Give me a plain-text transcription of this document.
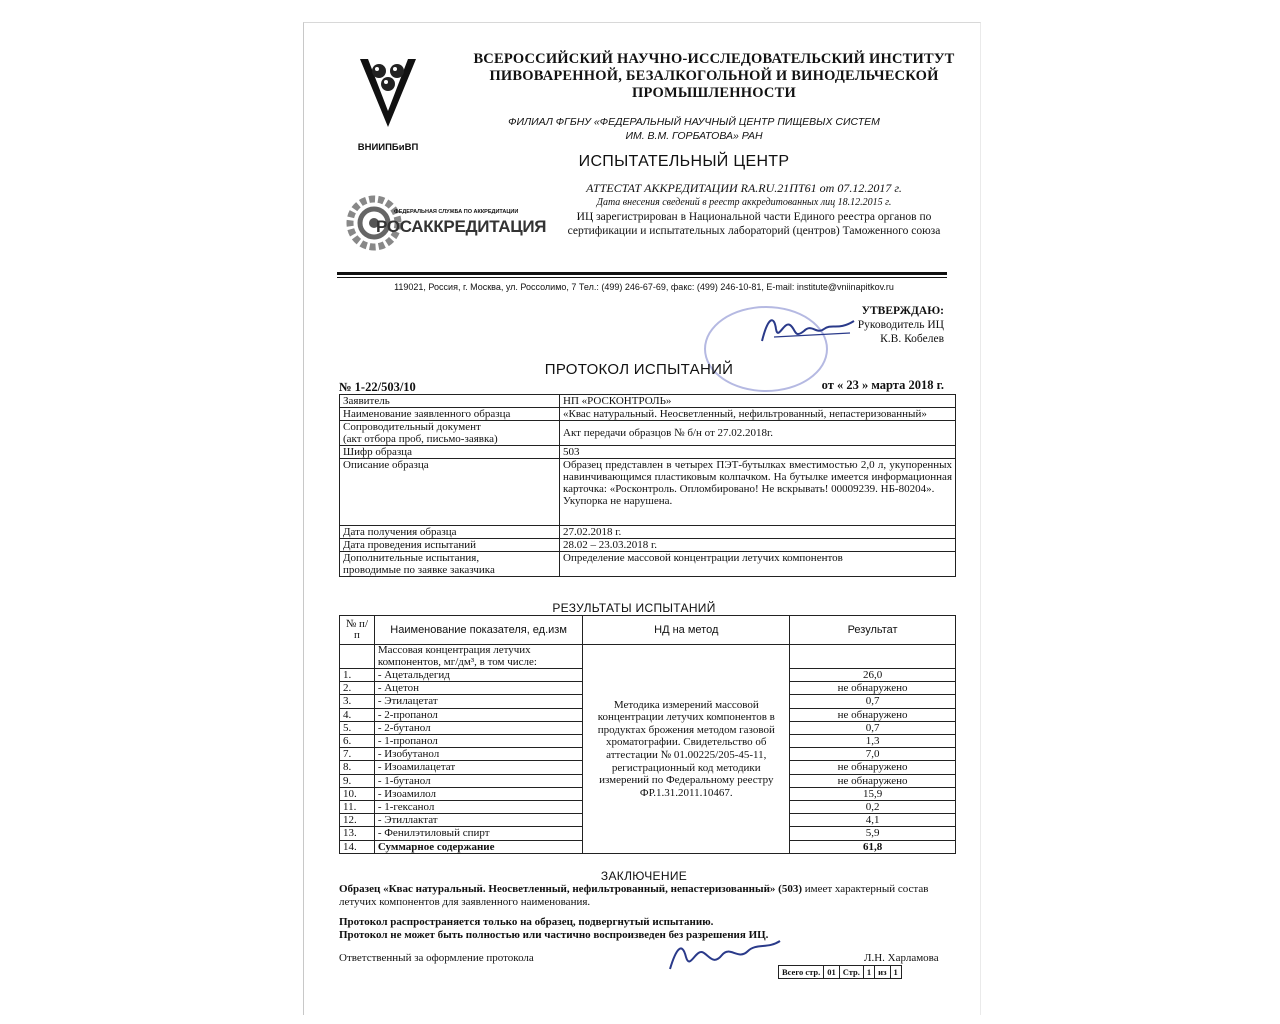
ВНИИПБиВП
ВСЕРОССИЙСКИЙ НАУЧНО-ИССЛЕДОВАТЕЛЬСКИЙ ИНСТИТУТ
ПИВОВАРЕННОЙ, БЕЗАЛКОГОЛЬНОЙ И ВИНОДЕЛЬЧЕСКОЙ
ПРОМЫШЛЕННОСТИ
ФИЛИАЛ ФГБНУ «ФЕДЕРАЛЬНЫЙ НАУЧНЫЙ ЦЕНТР ПИЩЕВЫХ СИСТЕМ
ИМ. В.М. ГОРБАТОВА» РАН
ИСПЫТАТЕЛЬНЫЙ ЦЕНТР
АТТЕСТАТ АККРЕДИТАЦИИ RA.RU.21ПТ61 от 07.12.2017 г.
Дата внесения сведений в реестр аккредитованных лиц 18.12.2015 г.
ИЦ зарегистрирован в Национальной части Единого реестра органов по сертификации и испытательных лабораторий (центров) Таможенного союза
ФЕДЕРАЛЬНАЯ СЛУЖБА ПО АККРЕДИТАЦИИ
РОСАККРЕДИТАЦИЯ
119021, Россия, г. Москва, ул. Россолимо, 7 Тел.: (499) 246-67-69, факс: (499) 246-10-81, E-mail: institute@vniinapitkov.ru
УТВЕРЖДАЮ:
Руководитель ИЦ
К.В. Кобелев
ПРОТОКОЛ ИСПЫТАНИЙ
№ 1-22/503/10	от « 23 » марта 2018 г.
Заявитель	НП «РОСКОНТРОЛЬ»
Наименование заявленного образца	«Квас натуральный. Неосветленный, нефильтрованный, непастеризованный»

Сопроводительный документ
(акт отбора проб, письмо-заявка)	Акт передачи образцов № б/н от 27.02.2018г.
Шифр образца	503
Описание образца	Образец представлен в четырех ПЭТ-бутылках вместимостью 2,0 л, укупоренных навинчивающимся пластиковым колпачком. На бутылке имеется информационная карточка: «Росконтроль. Опломбировано! Не вскрывать! 00009239. НБ-80204».
Укупорка не нарушена.

Дата получения образца	27.02.2018 г.
Дата проведения испытаний	28.02 – 23.03.2018 г.

Дополнительные испытания,
проводимые по заявке заказчика	Определение массовой концентрации летучих компонентов
РЕЗУЛЬТАТЫ ИСПЫТАНИЙ
№ п/п	Наименование показателя, ед.изм	НД на метод	Результат
	Массовая концентрация летучих компонентов, мг/дм³, в том числе:	Методика измерений массовой концентрации летучих компонентов в продуктах брожения методом газовой хроматографии. Свидетельство об аттестации № 01.00225/205-45-11, регистрационный код методики измерений по Федеральному реестру ФР.1.31.2011.10467.	
1.	- Ацетальдегид		26,0
2.	- Ацетон		не обнаружено
3.	- Этилацетат		0,7
4.	- 2-пропанол		не обнаружено
5.	- 2-бутанол		0,7
6.	- 1-пропанол		1,3
7.	- Изобутанол		7,0
8.	- Изоамилацетат		не обнаружено
9.	- 1-бутанол		не обнаружено
10.	- Изоамилол		15,9
11.	- 1-гексанол		0,2
12.	- Этиллактат		4,1
13.	- Фенилэтиловый спирт		5,9
14.	Суммарное содержание		61,8
ЗАКЛЮЧЕНИЕ
Образец «Квас натуральный. Неосветленный, нефильтрованный, непастеризованный» (503) имеет характерный состав летучих компонентов для заявленного наименования.
Протокол распространяется только на образец, подвергнутый испытанию.
Протокол не может быть полностью или частично воспроизведен без разрешения ИЦ.
Ответственный за оформление протокола	Л.Н. Харламова
Всего стр. 01 Стр. 1 из 1
